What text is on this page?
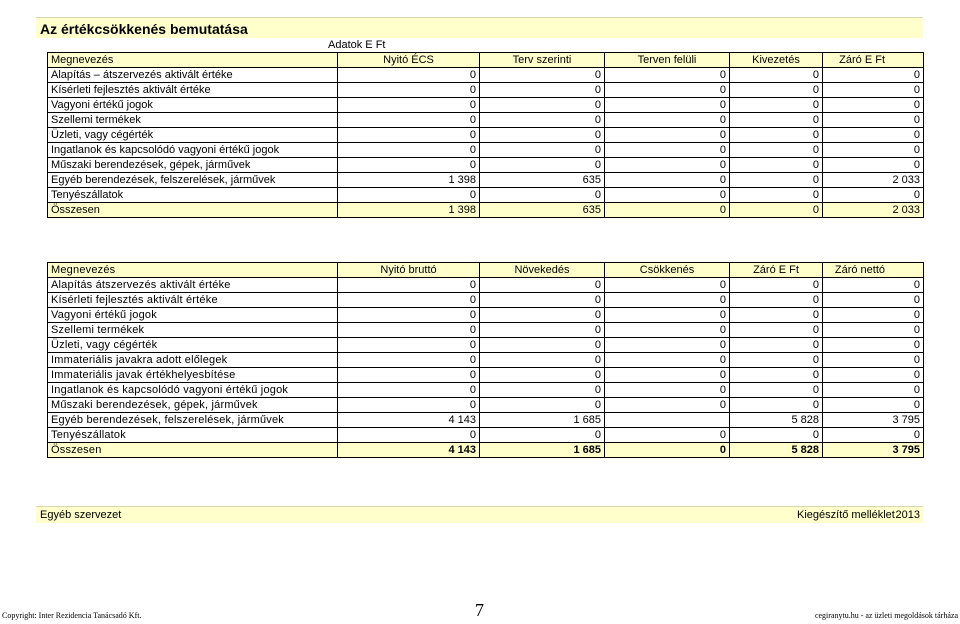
Az értékcsökkenés bemutatása
Adatok E Ft
Megnevezés	Nyitó ÉCS	Terv szerinti	Terven felüli	Kivezetés	Záró E Ft
Alapítás – átszervezés aktivált értéke	0	0	0	0	0
Kísérleti fejlesztés aktivált értéke	0	0	0	0	0
Vagyoni értékű jogok	0	0	0	0	0
Szellemi termékek	0	0	0	0	0
Üzleti, vagy cégérték	0	0	0	0	0
Ingatlanok és kapcsolódó vagyoni értékű jogok	0	0	0	0	0
Műszaki berendezések, gépek, járművek	0	0	0	0	0
Egyéb berendezések, felszerelések, járművek	1 398	635	0	0	2 033
Tenyészállatok	0	0	0	0	0
Összesen	1 398	635	0	0	2 033
Megnevezés	Nyitó bruttó	Növekedés	Csökkenés	Záró E Ft	Záró nettó
Alapítás átszervezés aktivált értéke	0	0	0	0	0
Kísérleti fejlesztés aktivált értéke	0	0	0	0	0
Vagyoni értékű jogok	0	0	0	0	0
Szellemi termékek	0	0	0	0	0
Üzleti, vagy cégérték	0	0	0	0	0
Immateriális javakra adott előlegek	0	0	0	0	0
Immateriális javak értékhelyesbítése	0	0	0	0	0
Ingatlanok és kapcsolódó vagyoni értékű jogok	0	0	0	0	0
Műszaki berendezések, gépek, járművek	0	0	0	0	0
Egyéb berendezések, felszerelések, járművek	4 143	1 685		5 828	3 795
Tenyészállatok	0	0	0	0	0
Összesen	4 143	1 685	0	5 828	3 795
Egyéb szervezet	Kiegészítő melléklet 2013
Copyright: Inter Rezidencia Tanácsadó Kft.	7	cegiranytu.hu - az üzleti megoldások tárháza
